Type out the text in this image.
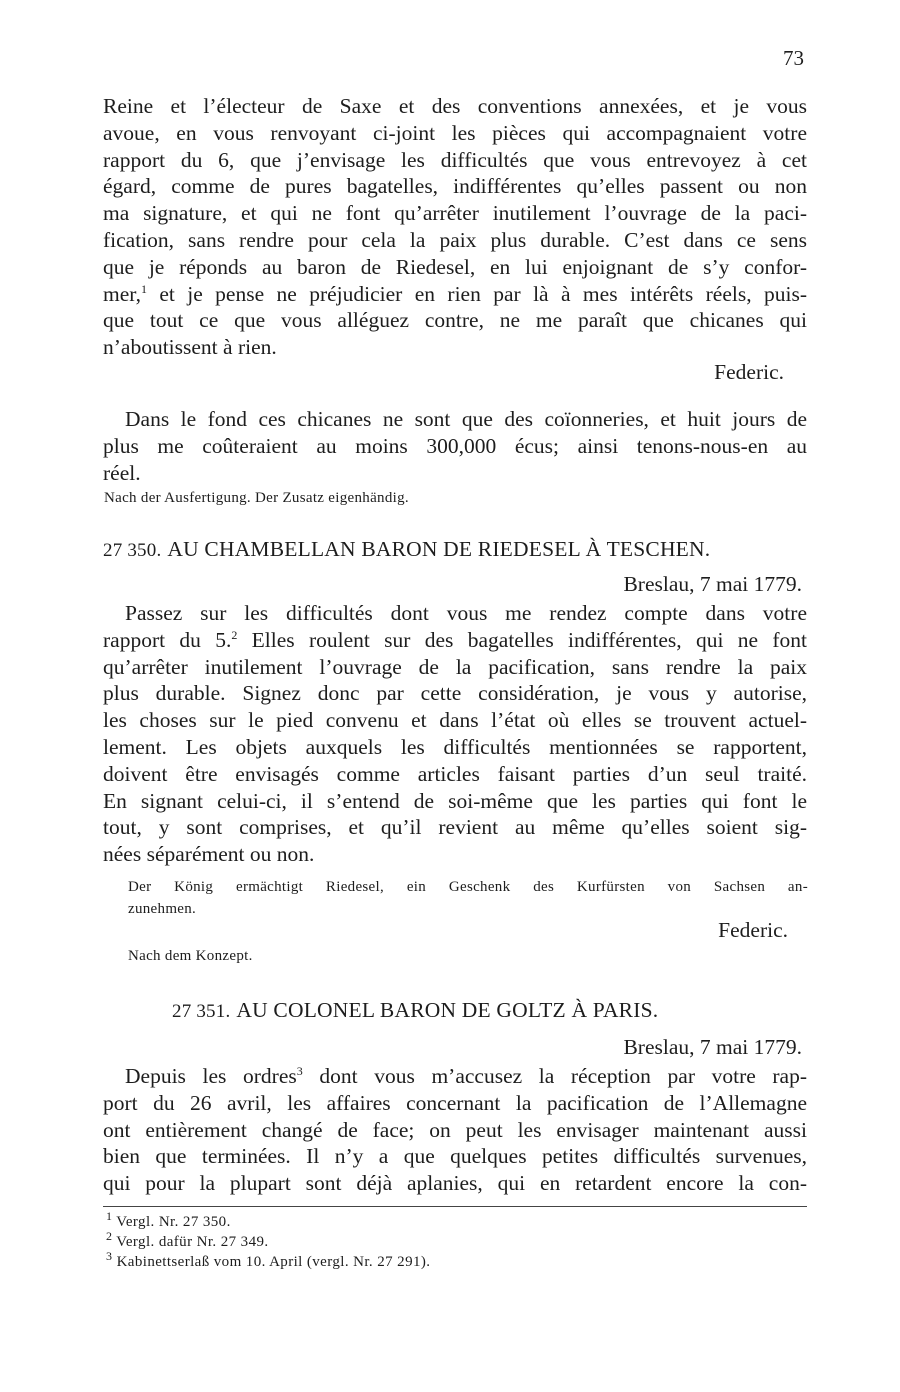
73
Reine et l’électeur de Saxe et des conventions annexées, et je vous
avoue, en vous renvoyant ci-joint les pièces qui accompagnaient votre
rapport du 6, que j’envisage les difficultés que vous entrevoyez à cet
égard, comme de pures bagatelles, indifférentes qu’elles passent ou non
ma signature, et qui ne font qu’arrêter inutilement l’ouvrage de la paci-
fication, sans rendre pour cela la paix plus durable. C’est dans ce sens
que je réponds au baron de Riedesel, en lui enjoignant de s’y confor-
mer,$^1$ et je pense ne préjudicier en rien par là à mes intérêts réels, puis-
que tout ce que vous alléguez contre, ne me paraît que chicanes qui
n’aboutissent à rien.
Federic.
Dans le fond ces chicanes ne sont que des coïonneries, et huit jours de
plus me coûteraient au moins 300,000 écus; ainsi tenons-nous-en au
réel.
Nach der Ausfertigung. Der Zusatz eigenhändig.
27 350. AU CHAMBELLAN BARON DE RIEDESEL À TESCHEN.
Breslau, 7 mai 1779.
Passez sur les difficultés dont vous me rendez compte dans votre
rapport du 5.$^2$ Elles roulent sur des bagatelles indifférentes, qui ne font
qu’arrêter inutilement l’ouvrage de la pacification, sans rendre la paix
plus durable. Signez donc par cette considération, je vous y autorise,
les choses sur le pied convenu et dans l’état où elles se trouvent actuel-
lement. Les objets auxquels les difficultés mentionnées se rapportent,
doivent être envisagés comme articles faisant parties d’un seul traité.
En signant celui-ci, il s’entend de soi-même que les parties qui font le
tout, y sont comprises, et qu’il revient au même qu’elles soient sig-
nées séparément ou non.
Der König ermächtigt Riedesel, ein Geschenk des Kurfürsten von Sachsen an-
zunehmen.
Federic.
Nach dem Konzept.
27 351. AU COLONEL BARON DE GOLTZ À PARIS.
Breslau, 7 mai 1779.
Depuis les ordres$^3$ dont vous m’accusez la réception par votre rap-
port du 26 avril, les affaires concernant la pacification de l’Allemagne
ont entièrement changé de face; on peut les envisager maintenant aussi
bien que terminées. Il n’y a que quelques petites difficultés survenues,
qui pour la plupart sont déjà aplanies, qui en retardent encore la con-
$^1$ Vergl. Nr. 27 350.
$^2$ Vergl. dafür Nr. 27 349.
$^3$ Kabinettserlaß vom 10. April (vergl. Nr. 27 291).
